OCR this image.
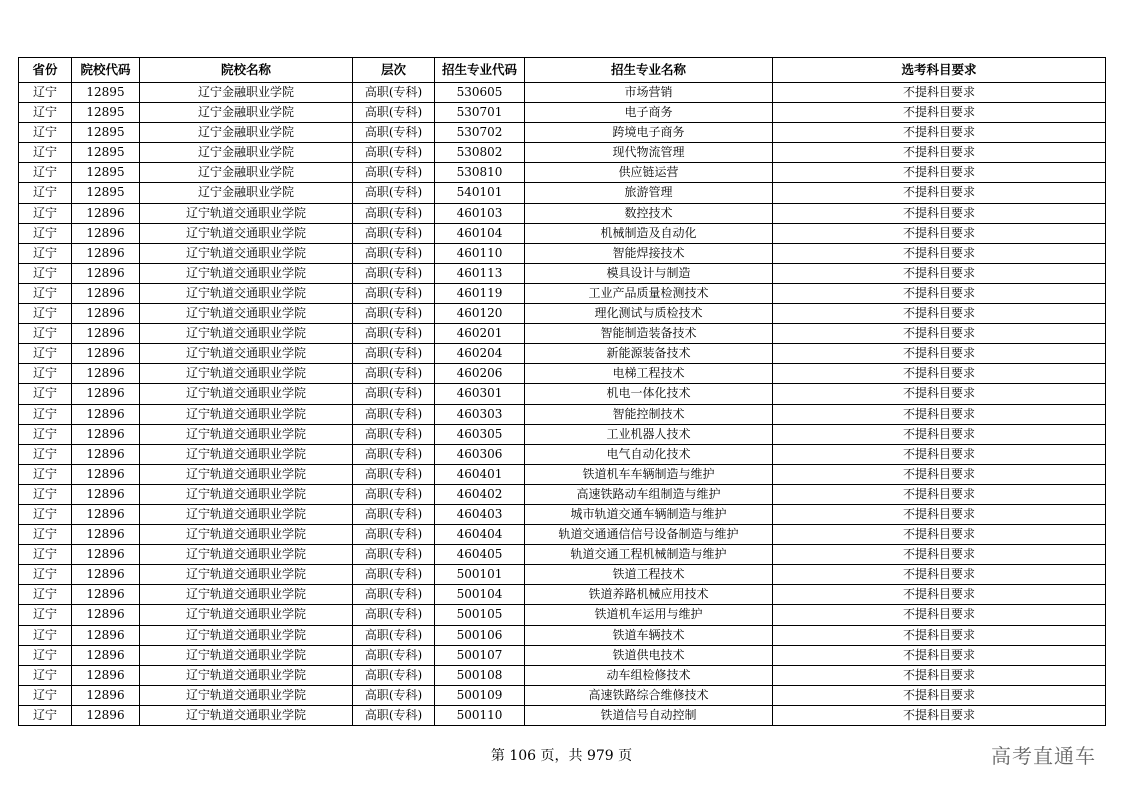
省份	院校代码	院校名称	层次	招生专业代码	招生专业名称	选考科目要求
辽宁	12895	辽宁金融职业学院	高职(专科)	530605	市场营销	不提科目要求
辽宁	12895	辽宁金融职业学院	高职(专科)	530701	电子商务	不提科目要求
辽宁	12895	辽宁金融职业学院	高职(专科)	530702	跨境电子商务	不提科目要求
辽宁	12895	辽宁金融职业学院	高职(专科)	530802	现代物流管理	不提科目要求
辽宁	12895	辽宁金融职业学院	高职(专科)	530810	供应链运营	不提科目要求
辽宁	12895	辽宁金融职业学院	高职(专科)	540101	旅游管理	不提科目要求
辽宁	12896	辽宁轨道交通职业学院	高职(专科)	460103	数控技术	不提科目要求
辽宁	12896	辽宁轨道交通职业学院	高职(专科)	460104	机械制造及自动化	不提科目要求
辽宁	12896	辽宁轨道交通职业学院	高职(专科)	460110	智能焊接技术	不提科目要求
辽宁	12896	辽宁轨道交通职业学院	高职(专科)	460113	模具设计与制造	不提科目要求
辽宁	12896	辽宁轨道交通职业学院	高职(专科)	460119	工业产品质量检测技术	不提科目要求
辽宁	12896	辽宁轨道交通职业学院	高职(专科)	460120	理化测试与质检技术	不提科目要求
辽宁	12896	辽宁轨道交通职业学院	高职(专科)	460201	智能制造装备技术	不提科目要求
辽宁	12896	辽宁轨道交通职业学院	高职(专科)	460204	新能源装备技术	不提科目要求
辽宁	12896	辽宁轨道交通职业学院	高职(专科)	460206	电梯工程技术	不提科目要求
辽宁	12896	辽宁轨道交通职业学院	高职(专科)	460301	机电一体化技术	不提科目要求
辽宁	12896	辽宁轨道交通职业学院	高职(专科)	460303	智能控制技术	不提科目要求
辽宁	12896	辽宁轨道交通职业学院	高职(专科)	460305	工业机器人技术	不提科目要求
辽宁	12896	辽宁轨道交通职业学院	高职(专科)	460306	电气自动化技术	不提科目要求
辽宁	12896	辽宁轨道交通职业学院	高职(专科)	460401	铁道机车车辆制造与维护	不提科目要求
辽宁	12896	辽宁轨道交通职业学院	高职(专科)	460402	高速铁路动车组制造与维护	不提科目要求
辽宁	12896	辽宁轨道交通职业学院	高职(专科)	460403	城市轨道交通车辆制造与维护	不提科目要求
辽宁	12896	辽宁轨道交通职业学院	高职(专科)	460404	轨道交通通信信号设备制造与维护	不提科目要求
辽宁	12896	辽宁轨道交通职业学院	高职(专科)	460405	轨道交通工程机械制造与维护	不提科目要求
辽宁	12896	辽宁轨道交通职业学院	高职(专科)	500101	铁道工程技术	不提科目要求
辽宁	12896	辽宁轨道交通职业学院	高职(专科)	500104	铁道养路机械应用技术	不提科目要求
辽宁	12896	辽宁轨道交通职业学院	高职(专科)	500105	铁道机车运用与维护	不提科目要求
辽宁	12896	辽宁轨道交通职业学院	高职(专科)	500106	铁道车辆技术	不提科目要求
辽宁	12896	辽宁轨道交通职业学院	高职(专科)	500107	铁道供电技术	不提科目要求
辽宁	12896	辽宁轨道交通职业学院	高职(专科)	500108	动车组检修技术	不提科目要求
辽宁	12896	辽宁轨道交通职业学院	高职(专科)	500109	高速铁路综合维修技术	不提科目要求
辽宁	12896	辽宁轨道交通职业学院	高职(专科)	500110	铁道信号自动控制	不提科目要求
第 106 页，共 979 页	高考直通车
